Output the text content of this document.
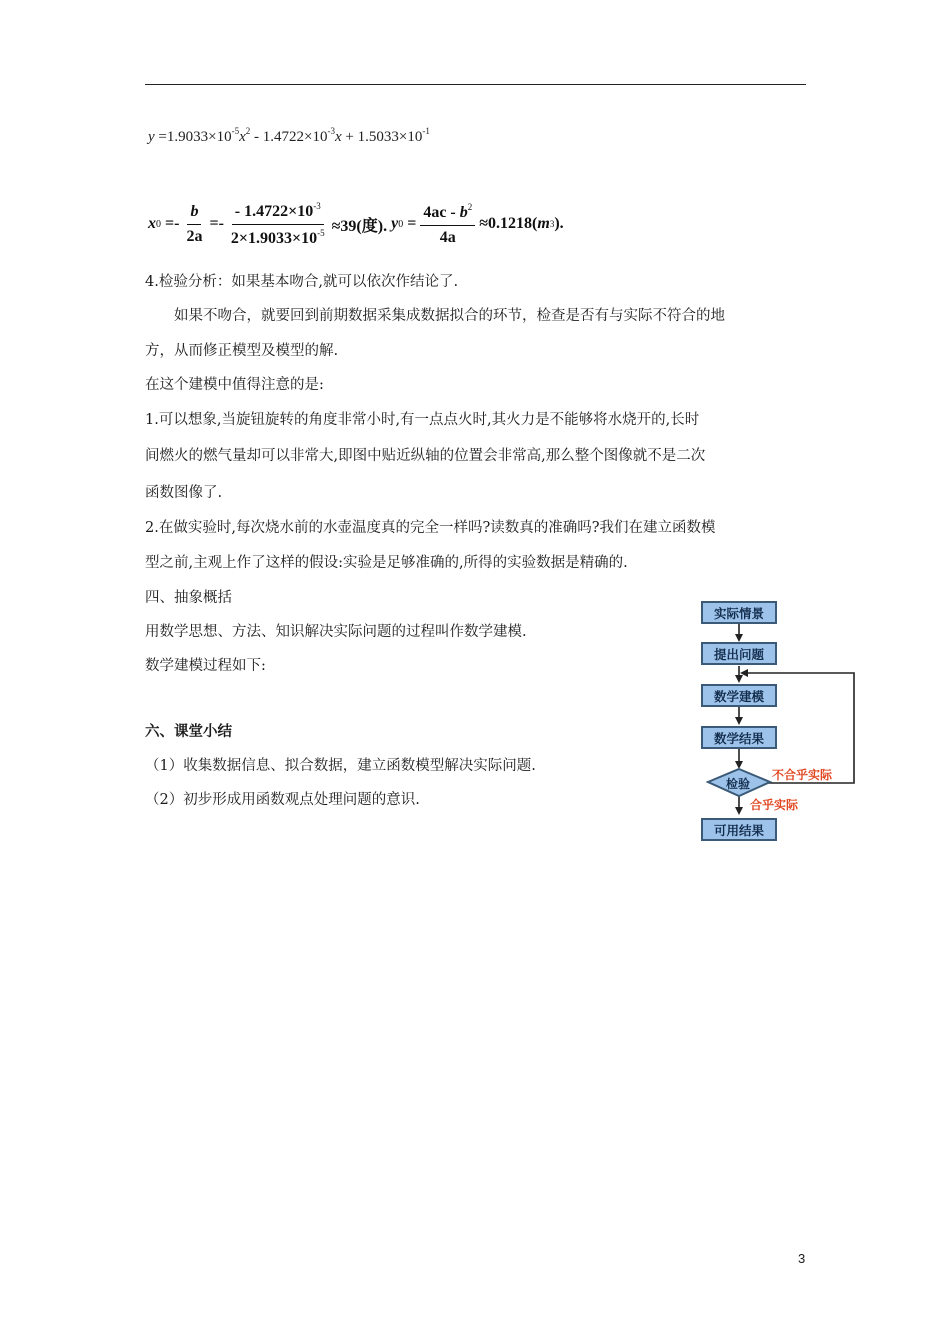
$y =1.9033\times 10^{-5}x^2 - 1.4722\times 10^{-3}x + 1.5033\times 10^{-1}$
x $0 =- \frac{b}{2a} =- \frac{- 1.4722\times 10^{-3}}{2\times 1.9033\times 10^{-5}} \approx 39$(度). y $0 = \frac{4ac - b^2}{4a} \approx 0.1218$( m 3 ).
4.检验分析：如果基本吻合,就可以依次作结论了.
　　如果不吻合，就要回到前期数据采集成数据拟合的环节，检查是否有与实际不符合的地
方，从而修正模型及模型的解.
在这个建模中值得注意的是:
1.可以想象,当旋钮旋转的角度非常小时,有一点点火时,其火力是不能够将水烧开的,长时
间燃火的燃气量却可以非常大,即图中贴近纵轴的位置会非常高,那么整个图像就不是二次
函数图像了.
2.在做实验时,每次烧水前的水壶温度真的完全一样吗?读数真的准确吗?我们在建立函数模
型之前,主观上作了这样的假设:实验是足够准确的,所得的实验数据是精确的.
四、抽象概括
用数学思想、方法、知识解决实际问题的过程叫作数学建模.
数学建模过程如下:
六、课堂小结
（1）收集数据信息、拟合数据，建立函数模型解决实际问题.
（2）初步形成用函数观点处理问题的意识.
实际情景
提出问题
数学建模
数学结果
检验
不合乎实际
合乎实际
可用结果
3
